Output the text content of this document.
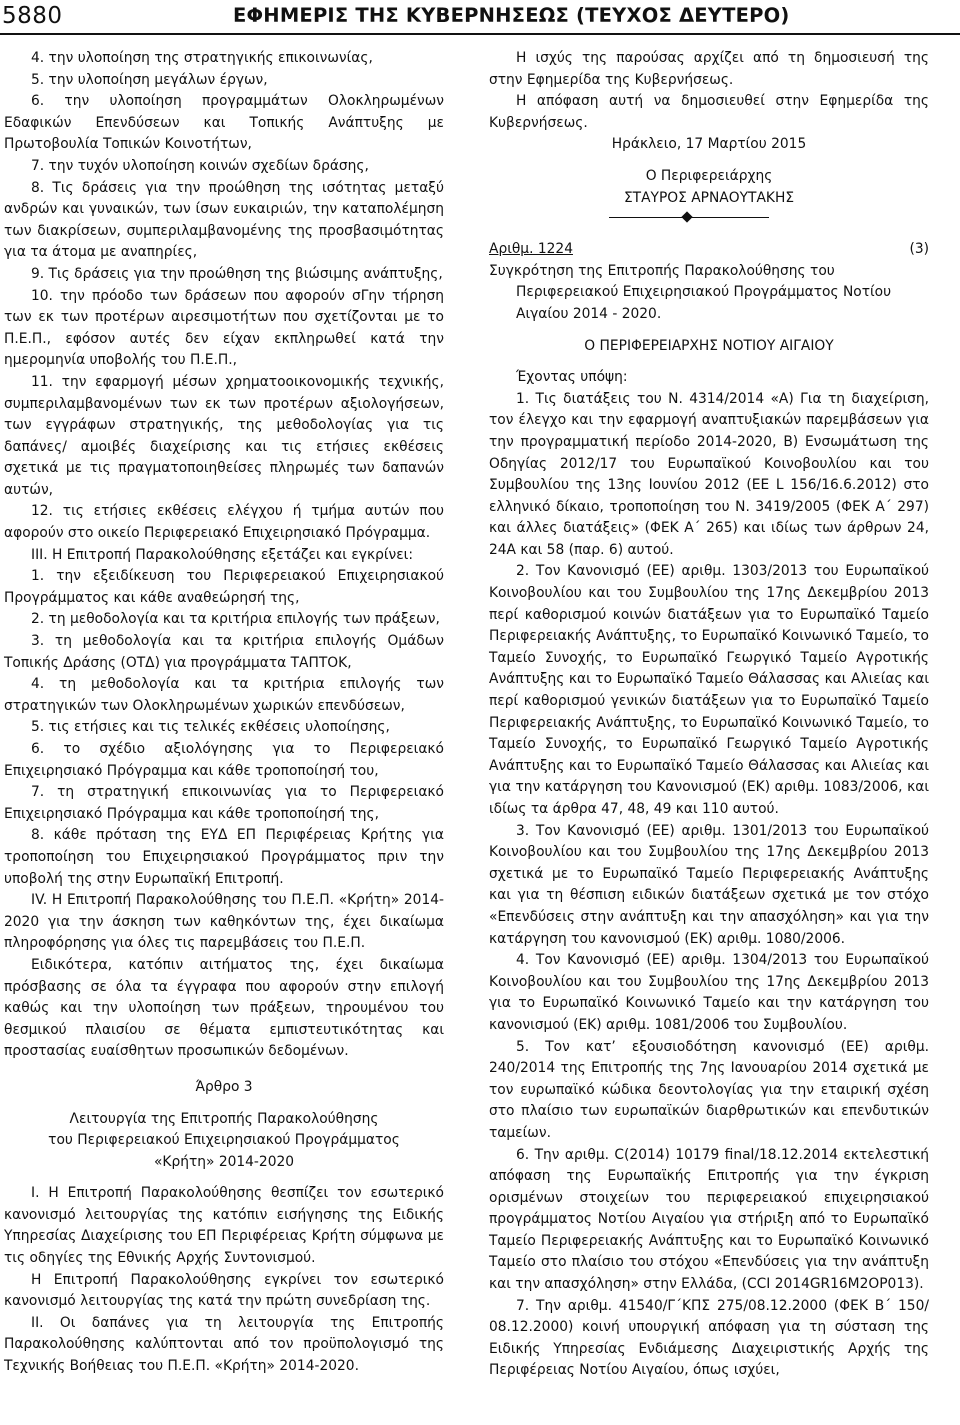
5880	ΕΦΗΜΕΡΙΣ ΤΗΣ ΚΥΒΕΡΝΗΣΕΩΣ (ΤΕΥΧΟΣ ΔΕΥΤΕΡΟ)

4. την υλοποίηση της στρατηγικής επικοινωνίας,

5. την υλοποίηση μεγάλων έργων,

6. την υλοποίηση προγραμμάτων Ολοκληρωμένων Εδαφικών Επενδύσεων και Τοπικής Ανάπτυξης με Πρωτοβουλία Τοπικών Κοινοτήτων,

7. την τυχόν υλοποίηση κοινών σχεδίων δράσης,

8. Τις δράσεις για την προώθηση της ισότητας μεταξύ ανδρών και γυναικών, των ίσων ευκαιριών, την καταπολέμηση των διακρίσεων, συμπεριλαμβανομένης της προσβασιμότητας για τα άτομα με αναπηρίες,

9. Τις δράσεις για την προώθηση της βιώσιμης ανάπτυξης,

10. την πρόοδο των δράσεων που αφορούν σΓην τήρηση των εκ των προτέρων αιρεσιμοτήτων που σχετίζονται με το Π.Ε.Π., εφόσον αυτές δεν είχαν εκπληρωθεί κατά την ημερομηνία υποβολής του Π.Ε.Π.,

11. την εφαρμογή μέσων χρηματοοικονομικής τεχνικής, συμπεριλαμβανομένων των εκ των προτέρων αξιολογήσεων, των εγγράφων στρατηγικής, της μεθοδολογίας για τις δαπάνες/ αμοιβές διαχείρισης και τις ετήσιες εκθέσεις σχετικά με τις πραγματοποιηθείσες πληρωμές των δαπανών αυτών,

12. τις ετήσιες εκθέσεις ελέγχου ή τμήμα αυτών που αφορούν στο οικείο Περιφερειακό Επιχειρησιακό Πρόγραμμα.

ΙΙΙ. Η Επιτροπή Παρακολούθησης εξετάζει και εγκρίνει:

1. την εξειδίκευση του Περιφερειακού Επιχειρησιακού Προγράμματος και κάθε αναθεώρησή της,

2. τη μεθοδολογία και τα κριτήρια επιλογής των πράξεων,

3. τη μεθοδολογία και τα κριτήρια επιλογής Ομάδων Τοπικής Δράσης (ΟΤΔ) για προγράμματα ΤΑΠΤΟΚ,

4. τη μεθοδολογία και τα κριτήρια επιλογής των στρατηγικών των Ολοκληρωμένων χωρικών επενδύσεων,

5. τις ετήσιες και τις τελικές εκθέσεις υλοποίησης,

6. το σχέδιο αξιολόγησης για το Περιφερειακό Επιχειρησιακό Πρόγραμμα και κάθε τροποποίησή του,

7. τη στρατηγική επικοινωνίας για το Περιφερειακό Επιχειρησιακό Πρόγραμμα και κάθε τροποποίησή της,

8. κάθε πρόταση της ΕΥΔ ΕΠ Περιφέρειας Κρήτης για τροποποίηση του Επιχειρησιακού Προγράμματος πριν την υποβολή της στην Ευρωπαϊκή Επιτροπή.

IV. Η Επιτροπή Παρακολούθησης του Π.Ε.Π. «Κρήτη» 2014-2020 για την άσκηση των καθηκόντων της, έχει δικαίωμα πληροφόρησης για όλες τις παρεμβάσεις του Π.Ε.Π.

Ειδικότερα, κατόπιν αιτήματος της, έχει δικαίωμα πρόσβασης σε όλα τα έγγραφα που αφορούν στην επιλογή καθώς και την υλοποίηση των πράξεων, τηρουμένου του θεσμικού πλαισίου σε θέματα εμπιστευτικότητας και προστασίας ευαίσθητων προσωπικών δεδομένων.

Άρθρο 3

Λειτουργία της Επιτροπής Παρακολούθησης

του Περιφερειακού Επιχειρησιακού Προγράμματος

«Κρήτη» 2014-2020

Ι. Η Επιτροπή Παρακολούθησης θεσπίζει τον εσωτερικό κανονισμό λειτουργίας της κατόπιν εισήγησης της Ειδικής Υπηρεσίας Διαχείρισης του ΕΠ Περιφέρειας Κρήτη σύμφωνα με τις οδηγίες της Εθνικής Αρχής Συντονισμού.

Η Επιτροπή Παρακολούθησης εγκρίνει τον εσωτερικό κανονισμό λειτουργίας της κατά την πρώτη συνεδρίαση της.

ΙΙ. Οι δαπάνες για τη λειτουργία της Επιτροπής Παρακολούθησης καλύπτονται από τον προϋπολογισμό της Τεχνικής Βοήθειας του Π.Ε.Π. «Κρήτη» 2014-2020.

Η ισχύς της παρούσας αρχίζει από τη δημοσιευσή της στην Εφημερίδα της Κυβερνήσεως.

Η απόφαση αυτή να δημοσιευθεί στην Εφημερίδα της Κυβερνήσεως.

Ηράκλειο, 17 Μαρτίου 2015

Ο Περιφερειάρχης

ΣΤΑΥΡΟΣ ΑΡΝΑΟΥΤΑΚΗΣ

Αριθμ. 1224	(3)

Συγκρότηση της Επιτροπής Παρακολούθησης του Περιφερειακού Επιχειρησιακού Προγράμματος Νοτίου Αιγαίου 2014 - 2020.

Ο ΠΕΡΙΦΕΡΕΙΑΡΧΗΣ ΝΟΤΙΟΥ ΑΙΓΑΙΟΥ

Έχοντας υπόψη:

1. Τις διατάξεις του Ν. 4314/2014 «Α) Για τη διαχείριση, τον έλεγχο και την εφαρμογή αναπτυξιακών παρεμβάσεων για την προγραμματική περίοδο 2014-2020, Β) Ενσωμάτωση της Οδηγίας 2012/17 του Ευρωπαϊκού Κοινοβουλίου και του Συμβουλίου της 13ης Ιουνίου 2012 (EE L 156/16.6.2012) στο ελληνικό δίκαιο, τροποποίηση του Ν. 3419/2005 (ΦΕΚ Α΄ 297) και άλλες διατάξεις» (ΦΕΚ Α΄ 265) και ιδίως των άρθρων 24, 24Α και 58 (παρ. 6) αυτού.

2. Τον Κανονισμό (ΕΕ) αριθμ. 1303/2013 του Ευρωπαϊκού Κοινοβουλίου και του Συμβουλίου της 17ης Δεκεμβρίου 2013 περί καθορισμού κοινών διατάξεων για το Ευρωπαϊκό Ταμείο Περιφερειακής Ανάπτυξης, το Ευρωπαϊκό Κοινωνικό Ταμείο, το Ταμείο Συνοχής, το Ευρωπαϊκό Γεωργικό Ταμείο Αγροτικής Ανάπτυξης και το Ευρωπαϊκό Ταμείο Θάλασσας και Αλιείας και περί καθορισμού γενικών διατάξεων για το Ευρωπαϊκό Ταμείο Περιφερειακής Ανάπτυξης, το Ευρωπαϊκό Κοινωνικό Ταμείο, το Ταμείο Συνοχής, το Ευρωπαϊκό Γεωργικό Ταμείο Αγροτικής Ανάπτυξης και το Ευρωπαϊκό Ταμείο Θάλασσας και Αλιείας και για την κατάργηση του Κανονισμού (ΕΚ) αριθμ. 1083/2006, και ιδίως τα άρθρα 47, 48, 49 και 110 αυτού.

3. Τον Κανονισμό (ΕΕ) αριθμ. 1301/2013 του Ευρωπαϊκού Κοινοβουλίου και του Συμβουλίου της 17ης Δεκεμβρίου 2013 σχετικά με το Ευρωπαϊκό Ταμείο Περιφερειακής Ανάπτυξης και για τη θέσπιση ειδικών διατάξεων σχετικά με τον στόχο «Επενδύσεις στην ανάπτυξη και την απασχόληση» και για την κατάργηση του κανονισμού (ΕΚ) αριθμ. 1080/2006.

4. Τον Κανονισμό (ΕΕ) αριθμ. 1304/2013 του Ευρωπαϊκού Κοινοβουλίου και του Συμβουλίου της 17ης Δεκεμβρίου 2013 για το Ευρωπαϊκό Κοινωνικό Ταμείο και την κατάργηση του κανονισμού (ΕΚ) αριθμ. 1081/2006 του Συμβουλίου.

5. Τον κατ’ εξουσιοδότηση κανονισμό (ΕΕ) αριθμ. 240/2014 της Επιτροπής της 7ης Ιανουαρίου 2014 σχετικά με τον ευρωπαϊκό κώδικα δεοντολογίας για την εταιρική σχέση στο πλαίσιο των ευρωπαϊκών διαρθρωτικών και επενδυτικών ταμείων.

6. Την αριθμ. C(2014) 10179 final/18.12.2014 εκτελεστική απόφαση της Ευρωπαϊκής Επιτροπής για την έγκριση ορισμένων στοιχείων του περιφερειακού επιχειρησιακού προγράμματος Νοτίου Αιγαίου για στήριξη από το Ευρωπαϊκό Ταμείο Περιφερειακής Ανάπτυξης και το Ευρωπαϊκό Κοινωνικό Ταμείο στο πλαίσιο του στόχου «Επενδύσεις για την ανάπτυξη και την απασχόληση» στην Ελλάδα, (CCI 2014GR16M2OP013).

7. Την αριθμ. 41540/Γ΄ΚΠΣ 275/08.12.2000 (ΦΕΚ Β΄ 150/ 08.12.2000) κοινή υπουργική απόφαση για τη σύσταση της Ειδικής Υπηρεσίας Ενδιάμεσης Διαχειριστικής Αρχής της Περιφέρειας Νοτίου Αιγαίου, όπως ισχύει,
